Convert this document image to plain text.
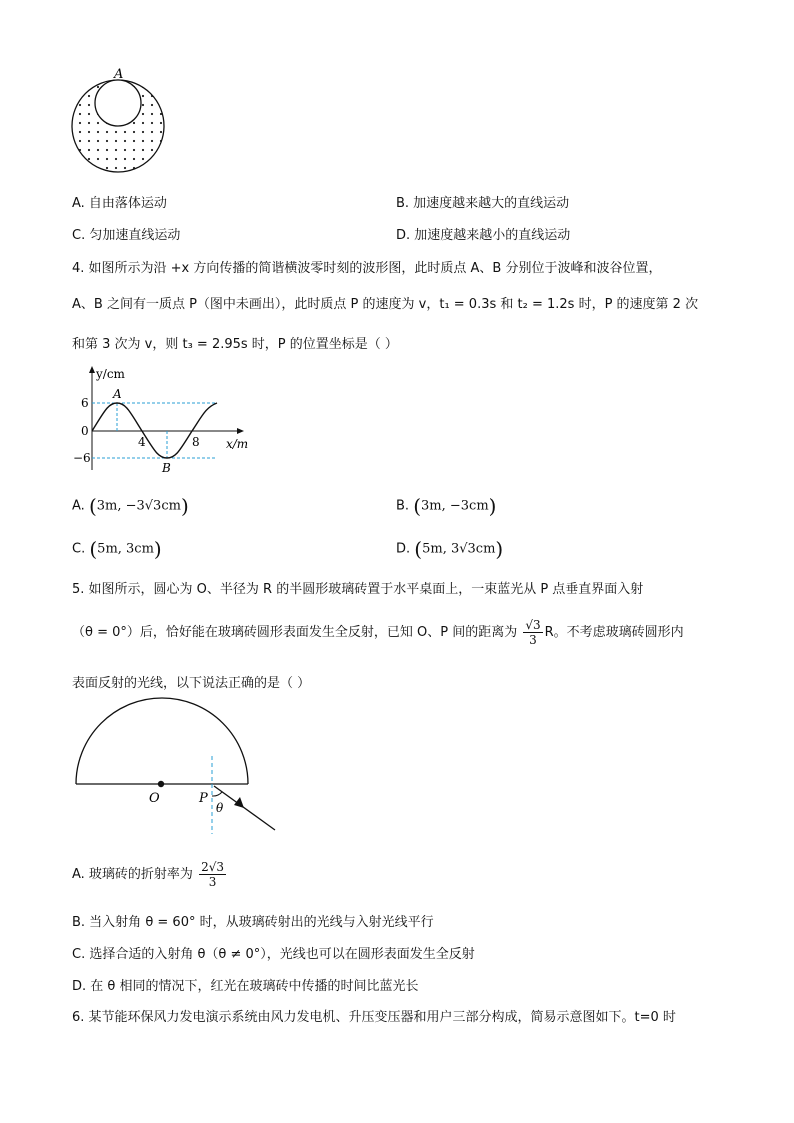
A
A. 自由落体运动	B. 加速度越来越大的直线运动
C. 匀加速直线运动	D. 加速度越来越小的直线运动
4. 如图所示为沿 +x 方向传播的简谐横波零时刻的波形图，此时质点 A、B 分别位于波峰和波谷位置，
A、B 之间有一质点 P（图中未画出），此时质点 P 的速度为 v，t₁ = 0.3s 和 t₂ = 1.2s 时，P 的速度第 2 次
和第 3 次为 v，则 t₃ = 2.95s 时，P 的位置坐标是（ ）
y/cm
6
0
−6
4	8 x/m
A
B
A. (3m, −3√3cm)	B. (3m, −3cm)
C. (5m, 3cm)	D. (5m, 3√3cm)
5. 如图所示，圆心为 O、半径为 R 的半圆形玻璃砖置于水平桌面上，一束蓝光从 P 点垂直界面入射
（θ = 0°）后，恰好能在玻璃砖圆形表面发生全反射，已知 O、P 间的距离为 $\frac{√3}{3}$ R。不考虑玻璃砖圆形内
表面反射的光线，以下说法正确的是（ ）
O	P
θ
A. 玻璃砖的折射率为 $\frac{2√3}{3}$
B. 当入射角 θ = 60° 时，从玻璃砖射出的光线与入射光线平行
C. 选择合适的入射角 θ（θ ≠ 0°），光线也可以在圆形表面发生全反射
D. 在 θ 相同的情况下，红光在玻璃砖中传播的时间比蓝光长
6. 某节能环保风力发电演示系统由风力发电机、升压变压器和用户三部分构成，简易示意图如下。t=0 时
